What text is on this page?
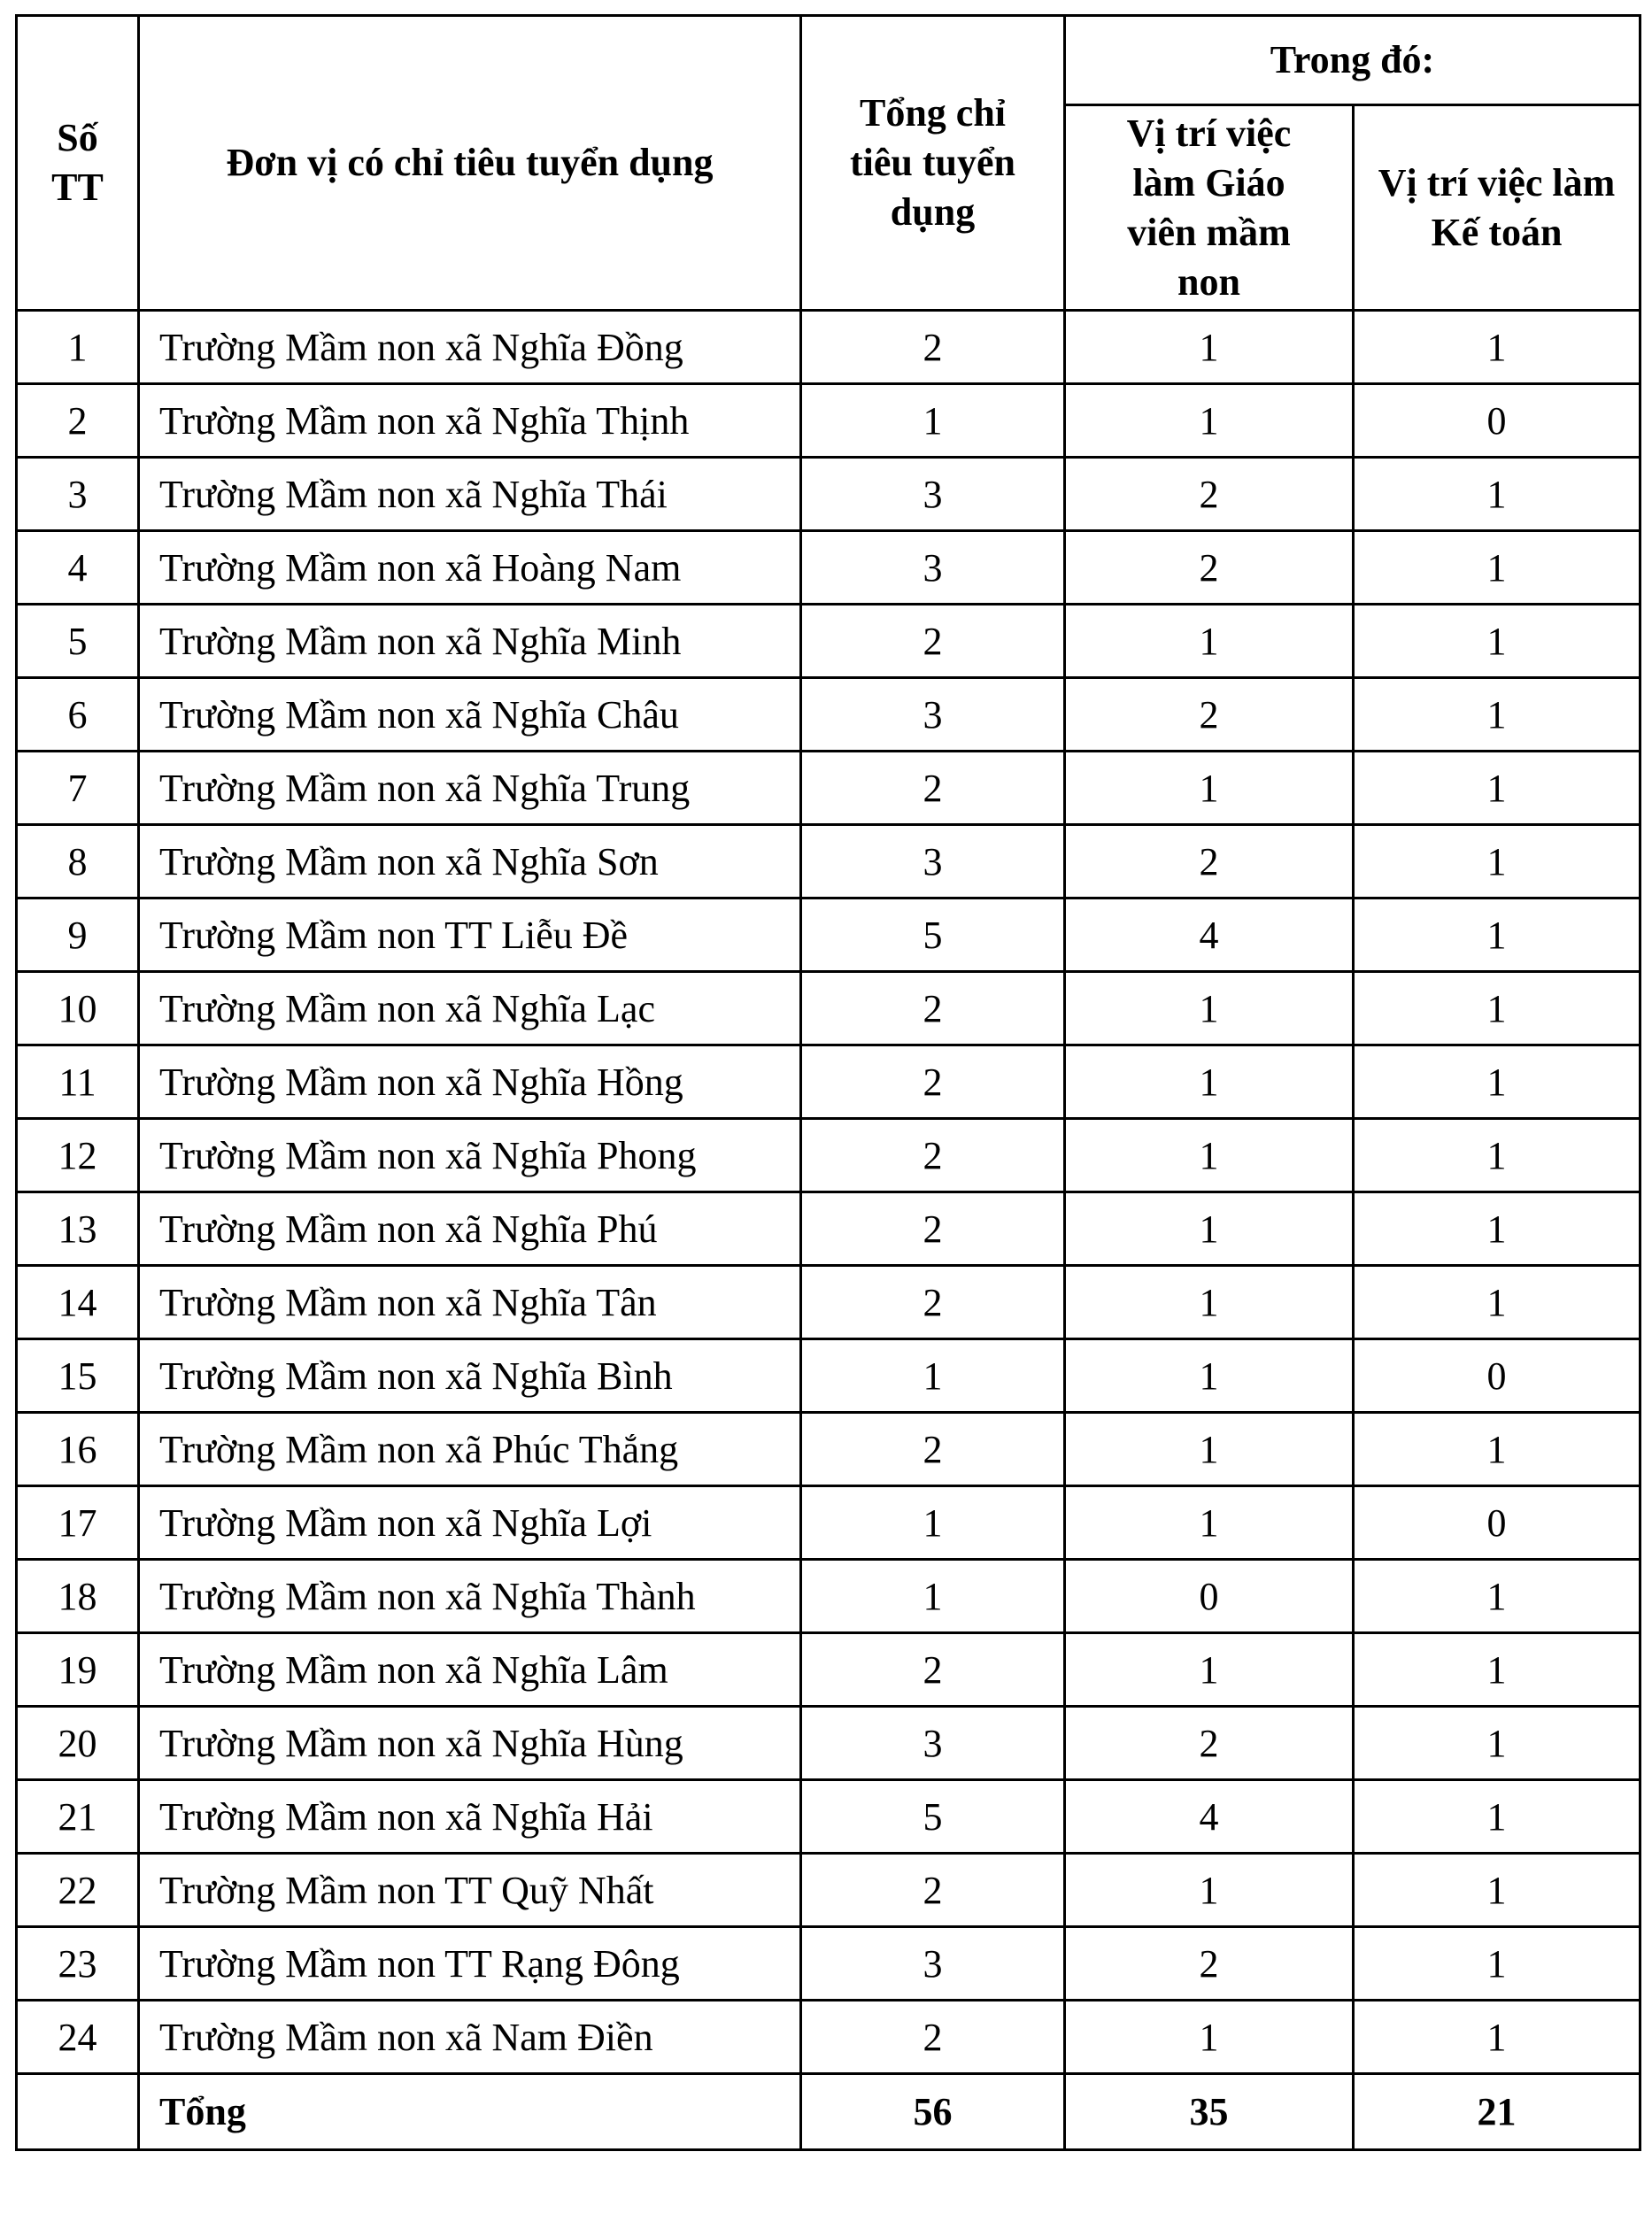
Số TT	Đơn vị có chỉ tiêu tuyển dụng	Tổng chỉ tiêu tuyển dụng	Trong đó:	
			Vị trí việc làm Giáo viên mầm non	Vị trí việc làm Kế toán
1	Trường Mầm non xã Nghĩa Đồng	2	1	1
2	Trường Mầm non xã Nghĩa Thịnh	1	1	0
3	Trường Mầm non xã Nghĩa Thái	3	2	1
4	Trường Mầm non xã Hoàng Nam	3	2	1
5	Trường Mầm non xã Nghĩa Minh	2	1	1
6	Trường Mầm non xã Nghĩa Châu	3	2	1
7	Trường Mầm non xã Nghĩa Trung	2	1	1
8	Trường Mầm non xã Nghĩa Sơn	3	2	1
9	Trường Mầm non TT Liễu Đề	5	4	1
10	Trường Mầm non xã Nghĩa Lạc	2	1	1
11	Trường Mầm non xã Nghĩa Hồng	2	1	1
12	Trường Mầm non xã Nghĩa Phong	2	1	1
13	Trường Mầm non xã Nghĩa Phú	2	1	1
14	Trường Mầm non xã Nghĩa Tân	2	1	1
15	Trường Mầm non xã Nghĩa Bình	1	1	0
16	Trường Mầm non xã Phúc Thắng	2	1	1
17	Trường Mầm non xã Nghĩa Lợi	1	1	0
18	Trường Mầm non xã Nghĩa Thành	1	0	1
19	Trường Mầm non xã Nghĩa Lâm	2	1	1
20	Trường Mầm non xã Nghĩa Hùng	3	2	1
21	Trường Mầm non xã Nghĩa Hải	5	4	1
22	Trường Mầm non TT Quỹ Nhất	2	1	1
23	Trường Mầm non TT Rạng Đông	3	2	1
24	Trường Mầm non xã Nam Điền	2	1	1
	Tổng	56	35	21
